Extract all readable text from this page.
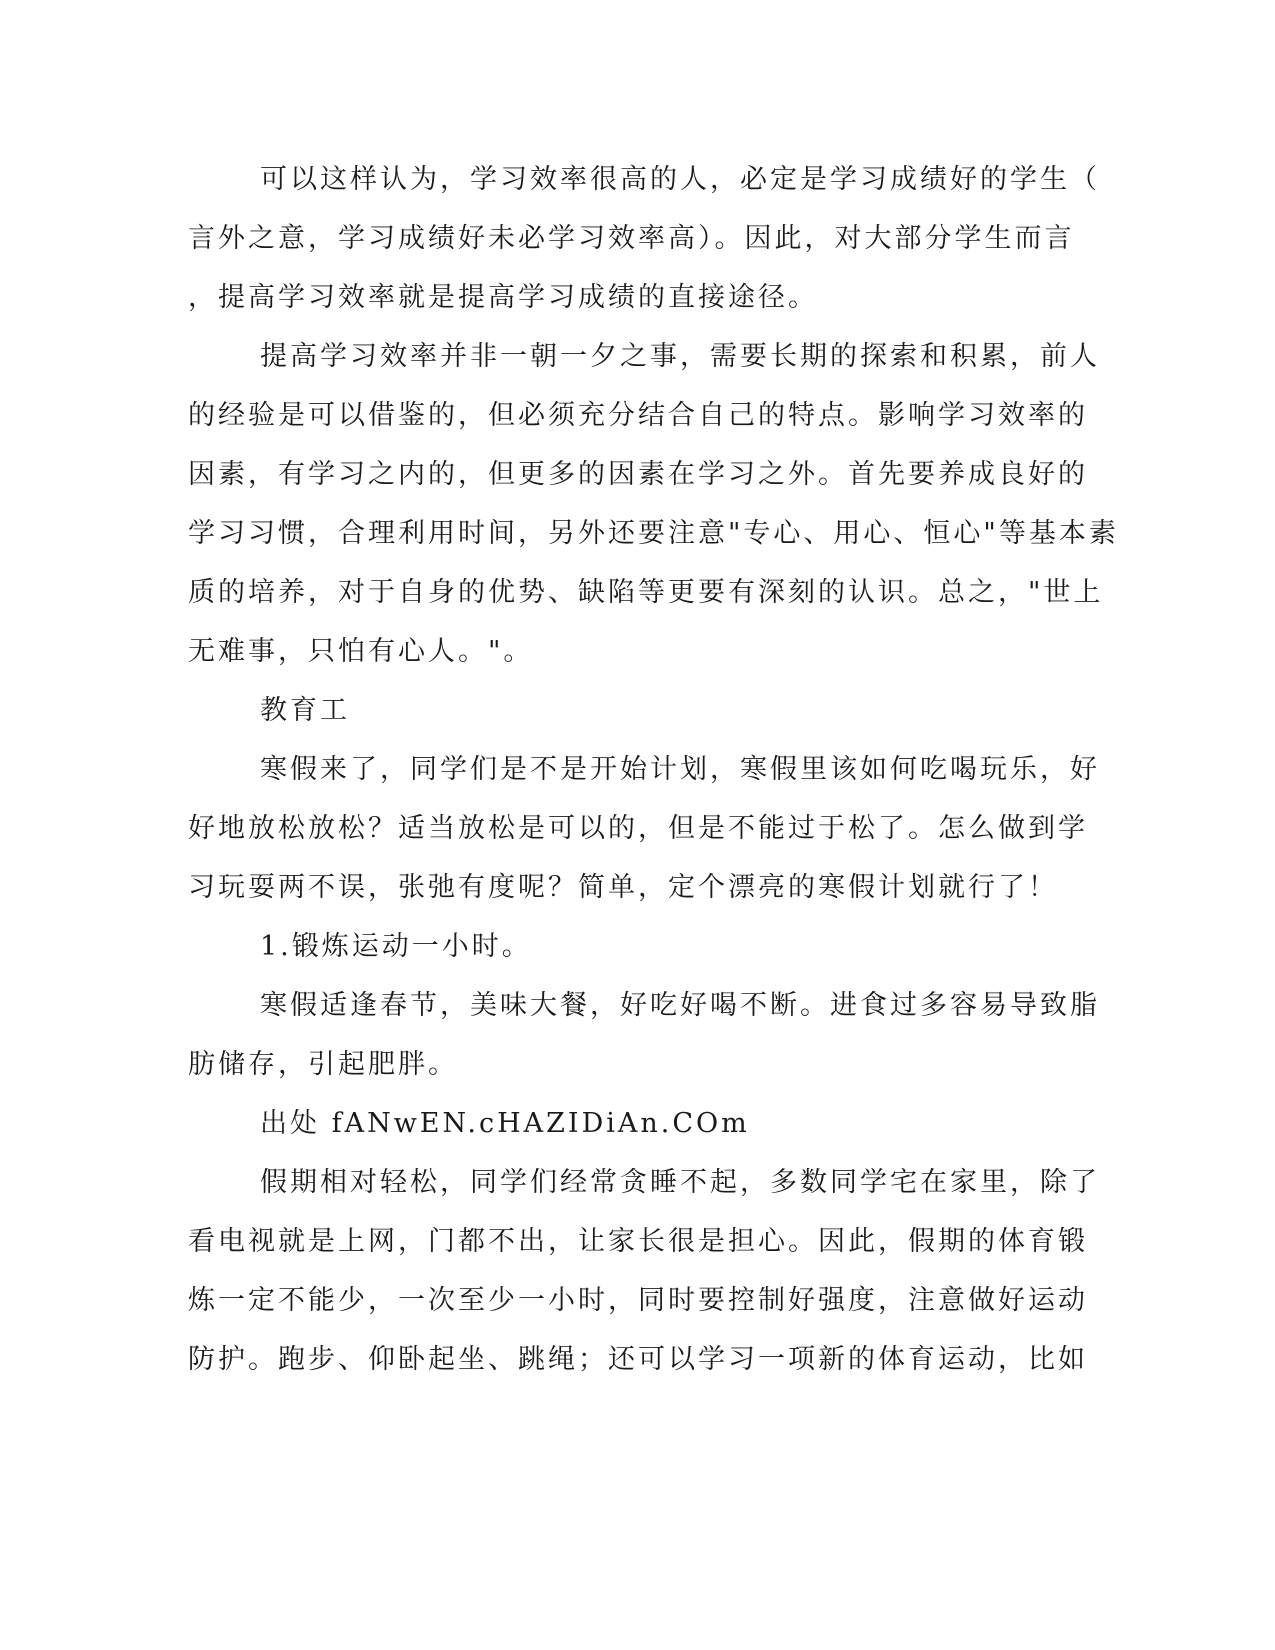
可以这样认为，学习效率很高的人，必定是学习成绩好的学生（
言外之意，学习成绩好未必学习效率高）。因此，对大部分学生而言
，提高学习效率就是提高学习成绩的直接途径。
提高学习效率并非一朝一夕之事，需要长期的探索和积累，前人
的经验是可以借鉴的，但必须充分结合自己的特点。影响学习效率的
因素，有学习之内的，但更多的因素在学习之外。首先要养成良好的
学习习惯，合理利用时间，另外还要注意"专心、用心、恒心"等基本素
质的培养，对于自身的优势、缺陷等更要有深刻的认识。总之，"世上
无难事，只怕有心人。"。
教育工
寒假来了，同学们是不是开始计划，寒假里该如何吃喝玩乐，好
好地放松放松？适当放松是可以的，但是不能过于松了。怎么做到学
习玩耍两不误，张弛有度呢？简单，定个漂亮的寒假计划就行了！
1.锻炼运动一小时。
寒假适逢春节，美味大餐，好吃好喝不断。进食过多容易导致脂
肪储存，引起肥胖。
出处 fANwEN.cHAZIDiAn.COm
假期相对轻松，同学们经常贪睡不起，多数同学宅在家里，除了
看电视就是上网，门都不出，让家长很是担心。因此，假期的体育锻
炼一定不能少，一次至少一小时，同时要控制好强度，注意做好运动
防护。跑步、仰卧起坐、跳绳；还可以学习一项新的体育运动，比如
